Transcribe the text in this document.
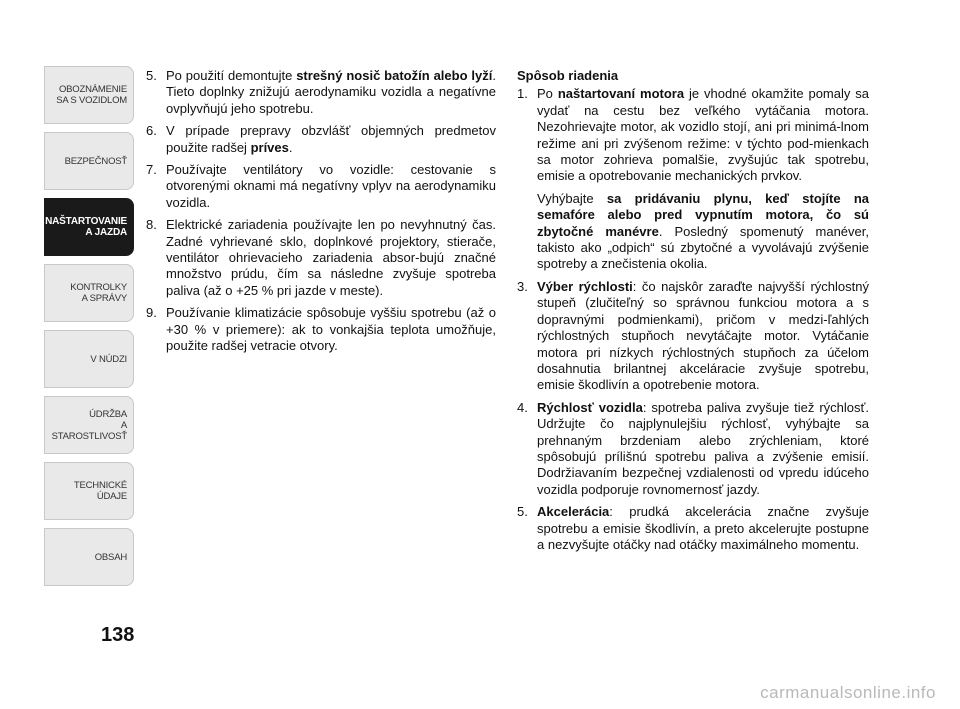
OBOZNÁMENIE
SA S VOZIDLOM
BEZPEČNOSŤ
NAŠTARTOVANIE
A JAZDA
KONTROLKY
A SPRÁVY
V NÚDZI
ÚDRŽBA
A STAROSTLIVOSŤ
TECHNICKÉ
ÚDAJE
OBSAH
138
5. Po použití demontujte strešný nosič batožín alebo lyží. Tieto doplnky znižujú aerodynamiku vozidla a negatívne ovplyvňujú jeho spotrebu.
6. V prípade prepravy obzvlášť objemných predmetov použite radšej príves.
7. Používajte ventilátory vo vozidle: cestovanie s otvorenými oknami má negatívny vplyv na aerodynamiku vozidla.
8. Elektrické zariadenia používajte len po nevyhnutný čas. Zadné vyhrievané sklo, doplnkové projektory, stierače, ventilátor ohrievacieho zariadenia absor-bujú značné množstvo prúdu, čím sa následne zvyšuje spotreba paliva (až o +25 % pri jazde v meste).
9. Používanie klimatizácie spôsobuje vyššiu spotrebu (až o +30 % v priemere): ak to vonkajšia teplota umožňuje, použite radšej vetracie otvory.
Spôsob riadenia
1. Po naštartovaní motora je vhodné okamžite pomaly sa vydať na cestu bez veľkého vytáčania motora. Nezohrievajte motor, ak vozidlo stojí, ani pri minimá-lnom režime ani pri zvýšenom režime: v týchto pod-mienkach sa motor zohrieva pomalšie, zvyšujúc tak spotrebu, emisie a opotrebovanie mechanických prvkov.
Vyhýbajte sa pridávaniu plynu, keď stojíte na semafóre alebo pred vypnutím motora, čo sú zbytočné manévre. Posledný spomenutý manéver, takisto ako „odpich“ sú zbytočné a vyvolávajú zvýšenie spotreby a znečistenia okolia.
3. Výber rýchlosti: čo najskôr zaraďte najvyšší rýchlostný stupeň (zlučiteľný so správnou funkciou motora a s dopravnými podmienkami), pričom v medzi-ľahlých rýchlostných stupňoch nevytáčajte motor. Vytáčanie motora pri nízkych rýchlostných stupňoch za účelom dosahnutia brilantnej akceláracie zvyšuje spotrebu, emisie škodlivín a opotrebenie motora.
4. Rýchlosť vozidla: spotreba paliva zvyšuje tiež rýchlosť. Udržujte čo najplynulejšiu rýchlosť, vyhýbajte sa prehnaným brzdeniam alebo zrýchleniam, ktoré spôsobujú prílišnú spotrebu paliva a zvýšenie emisií. Dodržiavaním bezpečnej vzdialenosti od vpredu idúceho vozidla podporuje rovnomernosť jazdy.
5. Akcelerácia: prudká akcelerácia značne zvyšuje spotrebu a emisie škodlivín, a preto akcelerujte postupne a nezvyšujte otáčky nad otáčky maximálneho momentu.
carmanualsonline.info
